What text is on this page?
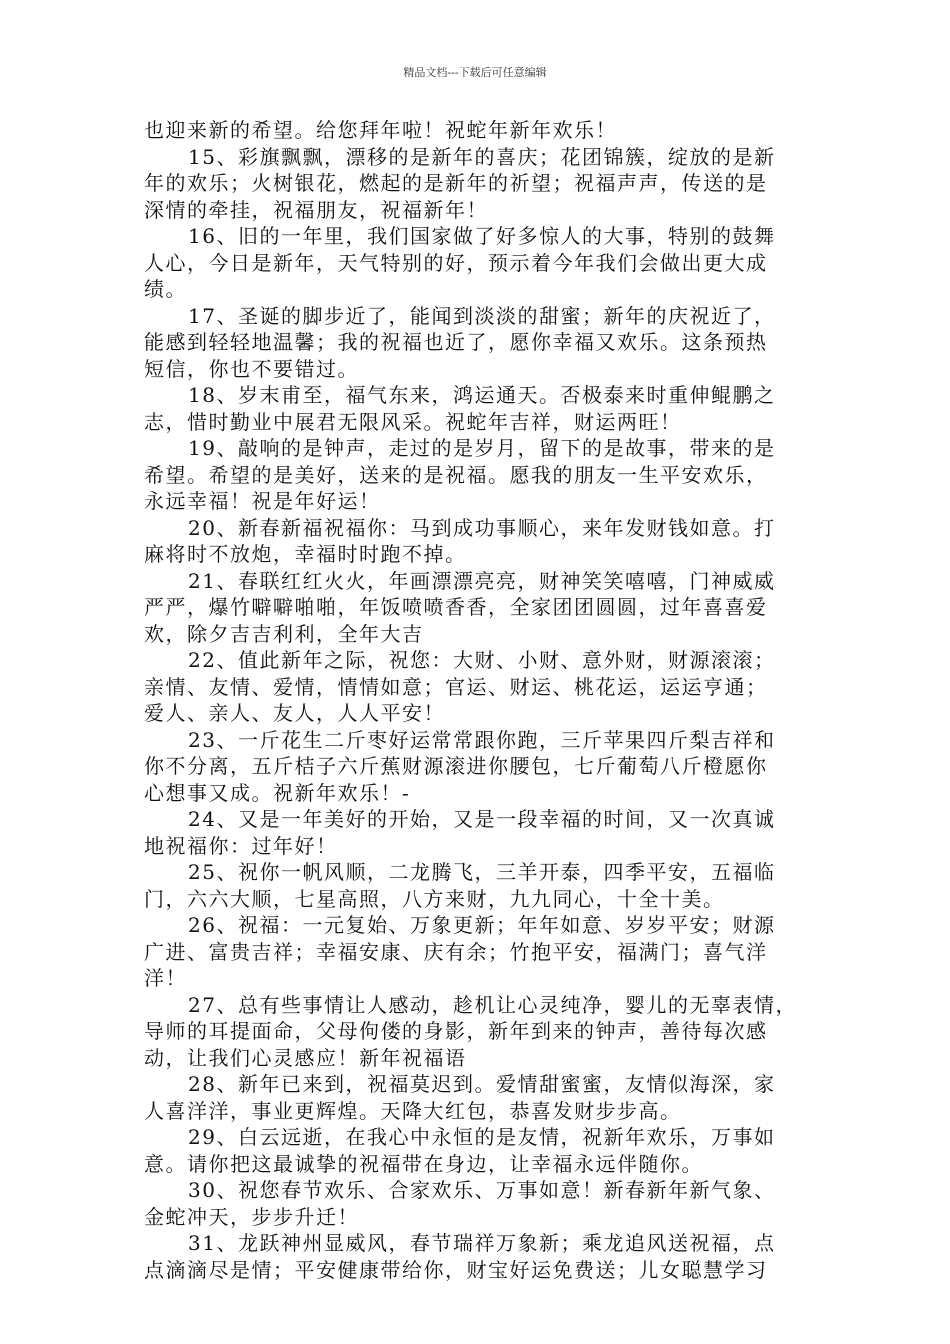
精品文档---下载后可任意编辑

也迎来新的希望。给您拜年啦！祝蛇年新年欢乐！

15、彩旗飘飘，漂移的是新年的喜庆；花团锦簇，绽放的是新
年的欢乐；火树银花，燃起的是新年的祈望；祝福声声，传送的是
深情的牵挂，祝福朋友，祝福新年！

16、旧的一年里，我们国家做了好多惊人的大事，特别的鼓舞
人心，今日是新年，天气特别的好，预示着今年我们会做出更大成
绩。

17、圣诞的脚步近了，能闻到淡淡的甜蜜；新年的庆祝近了，
能感到轻轻地温馨；我的祝福也近了，愿你幸福又欢乐。这条预热
短信，你也不要错过。

18、岁末甫至，福气东来，鸿运通天。否极泰来时重伸鲲鹏之
志，惜时勤业中展君无限风采。祝蛇年吉祥，财运两旺！

19、敲响的是钟声，走过的是岁月，留下的是故事，带来的是
希望。希望的是美好，送来的是祝福。愿我的朋友一生平安欢乐，
永远幸福！祝是年好运！

20、新春新福祝福你：马到成功事顺心，来年发财钱如意。打
麻将时不放炮，幸福时时跑不掉。

21、春联红红火火，年画漂漂亮亮，财神笑笑嘻嘻，门神威威
严严，爆竹噼噼啪啪，年饭喷喷香香，全家团团圆圆，过年喜喜爱
欢，除夕吉吉利利，全年大吉

22、值此新年之际，祝您：大财、小财、意外财，财源滚滚；
亲情、友情、爱情，情情如意；官运、财运、桃花运，运运亨通；
爱人、亲人、友人，人人平安！

23、一斤花生二斤枣好运常常跟你跑，三斤苹果四斤梨吉祥和
你不分离，五斤桔子六斤蕉财源滚进你腰包，七斤葡萄八斤橙愿你
心想事又成。祝新年欢乐！-

24、又是一年美好的开始，又是一段幸福的时间，又一次真诚
地祝福你：过年好！

25、祝你一帆风顺，二龙腾飞，三羊开泰，四季平安，五福临
门，六六大顺，七星高照，八方来财，九九同心，十全十美。

26、祝福：一元复始、万象更新；年年如意、岁岁平安；财源
广进、富贵吉祥；幸福安康、庆有余；竹抱平安，福满门；喜气洋
洋！

27、总有些事情让人感动，趁机让心灵纯净，婴儿的无辜表情，
导师的耳提面命，父母佝偻的身影，新年到来的钟声，善待每次感
动，让我们心灵感应！新年祝福语

28、新年已来到，祝福莫迟到。爱情甜蜜蜜，友情似海深，家
人喜洋洋，事业更辉煌。天降大红包，恭喜发财步步高。

29、白云远逝，在我心中永恒的是友情，祝新年欢乐，万事如
意。请你把这最诚挚的祝福带在身边，让幸福永远伴随你。

30、祝您春节欢乐、合家欢乐、万事如意！新春新年新气象、
金蛇冲天，步步升迁！

31、龙跃神州显威风，春节瑞祥万象新；乘龙追风送祝福，点
点滴滴尽是情；平安健康带给你，财宝好运免费送；儿女聪慧学习
